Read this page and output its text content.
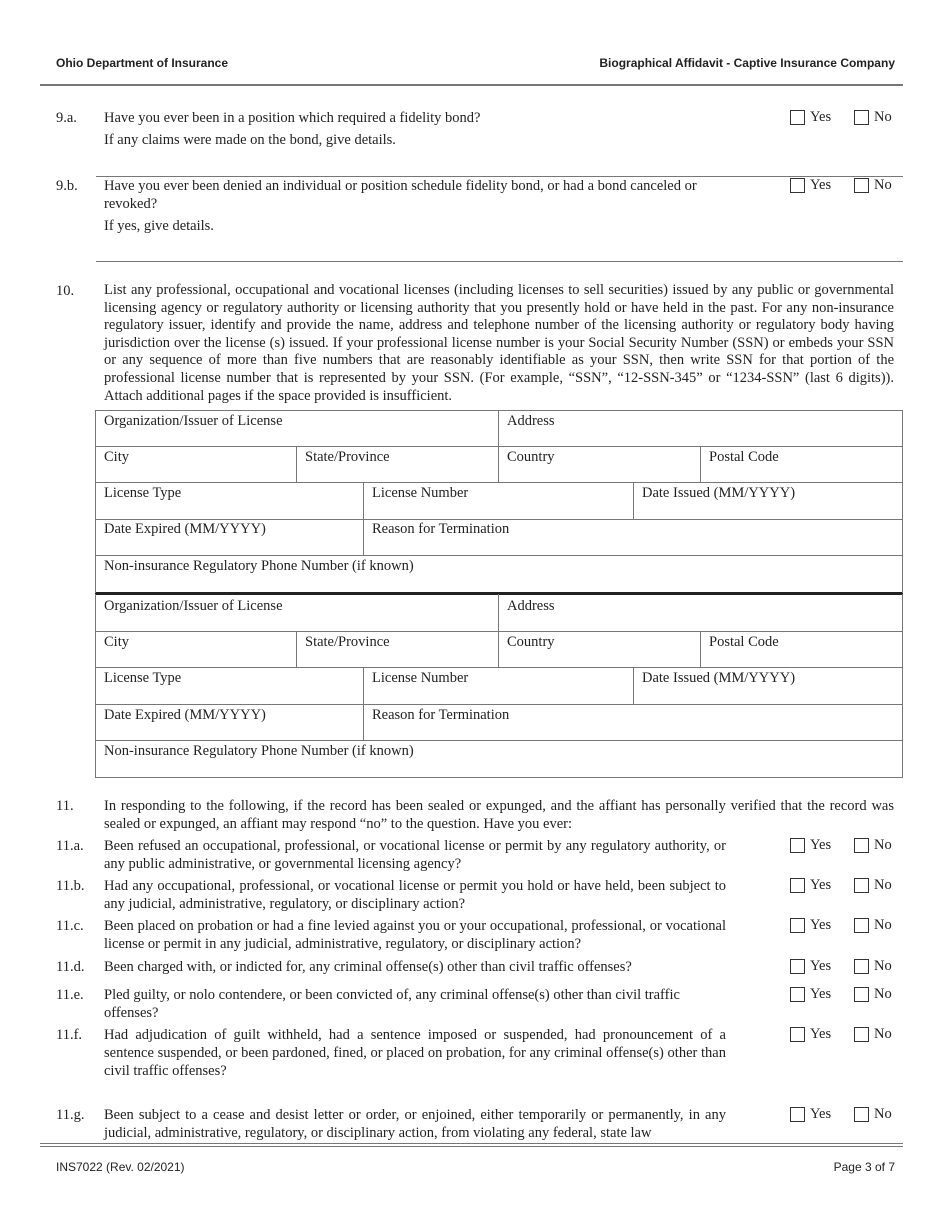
Ohio Department of Insurance	Biographical Affidavit - Captive Insurance Company
9.a. Have you ever been in a position which required a fidelity bond?
If any claims were made on the bond, give details.
Yes	No
9.b. Have you ever been denied an individual or position schedule fidelity bond, or had a bond canceled or revoked?
If yes, give details.
Yes	No
10. List any professional, occupational and vocational licenses (including licenses to sell securities) issued by any public or governmental licensing agency or regulatory authority or licensing authority that you presently hold or have held in the past. For any non-insurance regulatory issuer, identify and provide the name, address and telephone number of the licensing authority or regulatory body having jurisdiction over the license (s) issued. If your professional license number is your Social Security Number (SSN) or embeds your SSN or any sequence of more than five numbers that are reasonably identifiable as your SSN, then write SSN for that portion of the professional license number that is represented by your SSN. (For example, “SSN”, “12-SSN-345” or “1234-SSN” (last 6 digits)). Attach additional pages if the space provided is insufficient.
Organization/Issuer of License	Address
City	State/Province	Country	Postal Code
License Type	License Number	Date Issued (MM/YYYY)
Date Expired (MM/YYYY)	Reason for Termination
Non-insurance Regulatory Phone Number (if known)
Organization/Issuer of License	Address
City	State/Province	Country	Postal Code
License Type	License Number	Date Issued (MM/YYYY)
Date Expired (MM/YYYY)	Reason for Termination
Non-insurance Regulatory Phone Number (if known)
11. In responding to the following, if the record has been sealed or expunged, and the affiant has personally verified that the record was sealed or expunged, an affiant may respond “no” to the question. Have you ever:
11.a. Been refused an occupational, professional, or vocational license or permit by any regulatory authority, or any public administrative, or governmental licensing agency?
Yes	No
11.b. Had any occupational, professional, or vocational license or permit you hold or have held, been subject to any judicial, administrative, regulatory, or disciplinary action?
Yes	No
11.c. Been placed on probation or had a fine levied against you or your occupational, professional, or vocational license or permit in any judicial, administrative, regulatory, or disciplinary action?
Yes	No
11.d. Been charged with, or indicted for, any criminal offense(s) other than civil traffic offenses?	Yes	No
11.e. Pled guilty, or nolo contendere, or been convicted of, any criminal offense(s) other than civil traffic offenses?
Yes	No
11.f. Had adjudication of guilt withheld, had a sentence imposed or suspended, had pronouncement of a sentence suspended, or been pardoned, fined, or placed on probation, for any criminal offense(s) other than civil traffic offenses?
Yes	No
11.g. Been subject to a cease and desist letter or order, or enjoined, either temporarily or permanently, in any judicial, administrative, regulatory, or disciplinary action, from violating any federal, state law
Yes	No
INS7022 (Rev. 02/2021)	Page 3 of 7
